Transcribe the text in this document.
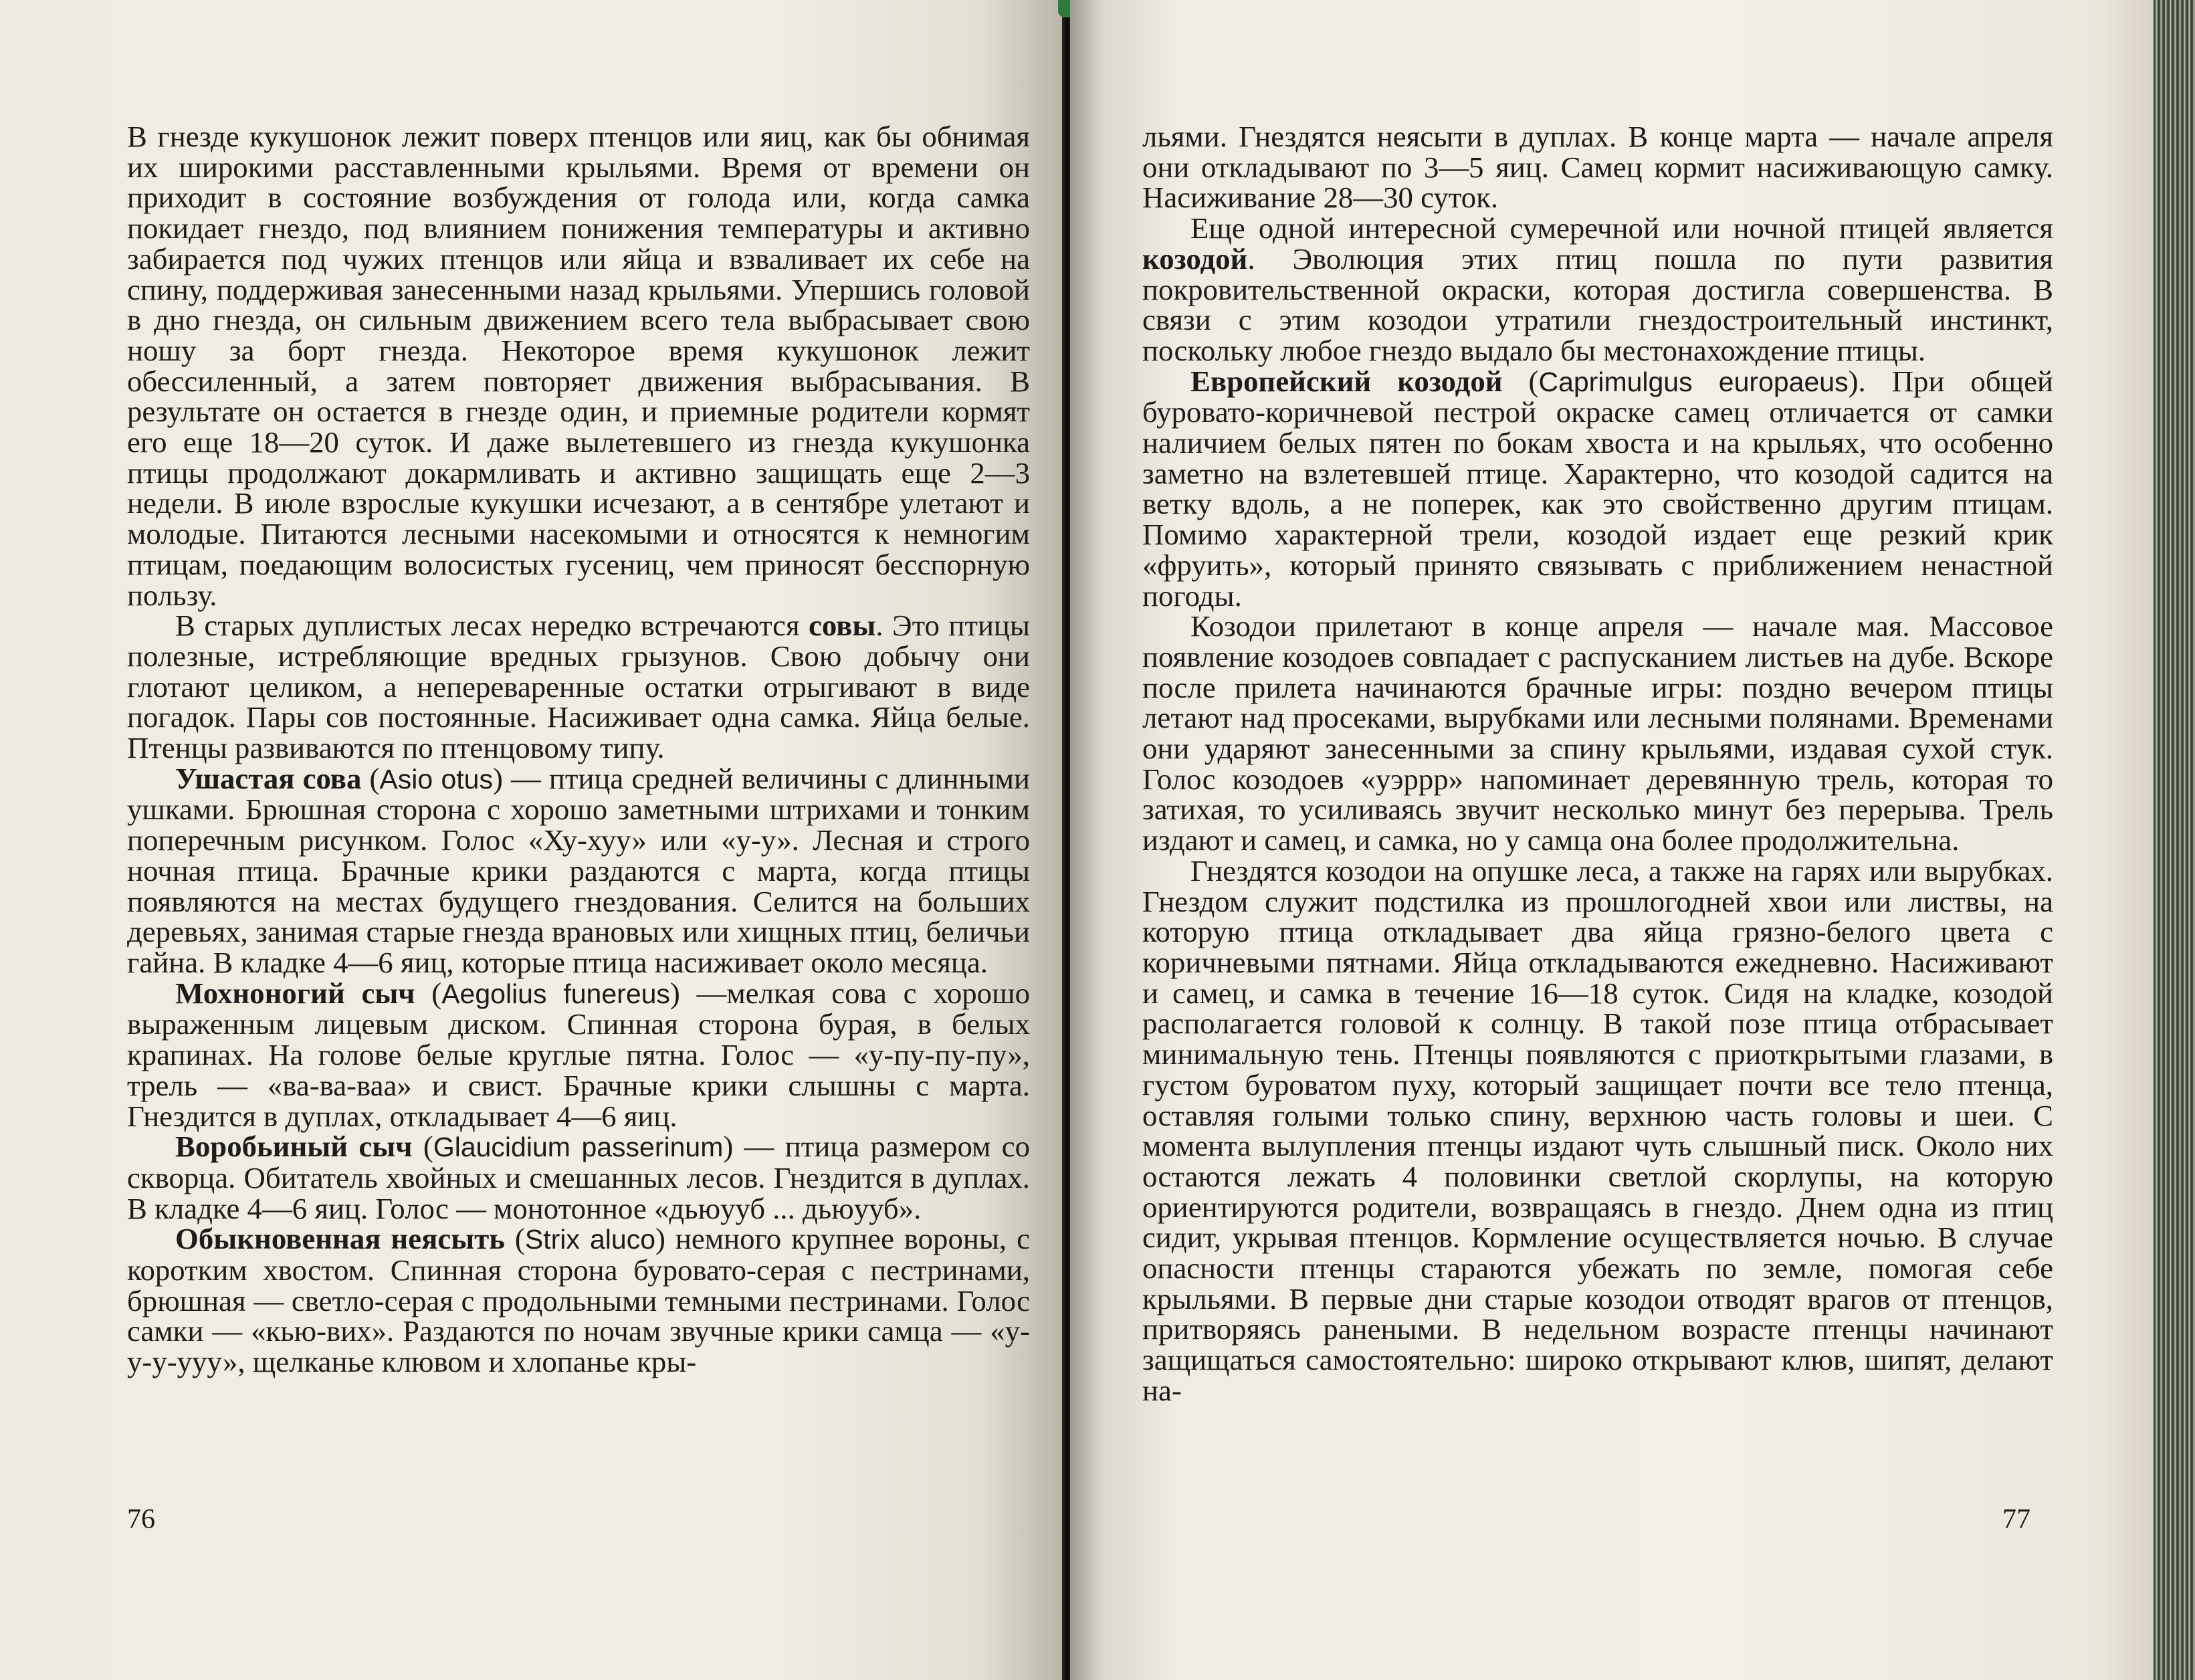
В гнезде кукушонок лежит поверх птенцов или яиц, как бы обнимая их широкими расставленными крыльями. Время от времени он приходит в состояние возбуждения от голода или, когда самка покидает гнездо, под влиянием понижения температуры и активно забирается под чужих птенцов или яйца и взваливает их себе на спину, поддерживая занесенными назад крыльями. Упершись головой в дно гнезда, он сильным движением всего тела выбрасывает свою ношу за борт гнезда. Некоторое время кукушонок лежит обессиленный, а затем повторяет движения выбрасывания. В результате он остается в гнезде один, и приемные родители кормят его еще 18—20 суток. И даже вылетевшего из гнезда кукушонка птицы продолжают докармливать и активно защищать еще 2—3 недели. В июле взрослые кукушки исчезают, а в сентябре улетают и молодые. Питаются лесными насекомыми и относятся к немногим птицам, поедающим волосистых гусениц, чем приносят бесспорную пользу.

В старых дуплистых лесах нередко встречаются совы. Это птицы полезные, истребляющие вредных грызунов. Свою добычу они глотают целиком, а непереваренные остатки отрыгивают в виде погадок. Пары сов постоянные. Насиживает одна самка. Яйца белые. Птенцы развиваются по птенцовому типу.

Ушастая сова (Asio otus) — птица средней величины с длинными ушками. Брюшная сторона с хорошо заметными штрихами и тонким поперечным рисунком. Голос «Ху-хуу» или «у-у». Лесная и строго ночная птица. Брачные крики раздаются с марта, когда птицы появляются на местах будущего гнездования. Селится на больших деревьях, занимая старые гнезда врановых или хищных птиц, беличьи гайна. В кладке 4—6 яиц, которые птица насиживает около месяца.

Мохноногий сыч (Aegolius funereus) —мелкая сова с хорошо выраженным лицевым диском. Спинная сторона бурая, в белых крапинах. На голове белые круглые пятна. Голос — «у-пу-пу-пу», трель — «ва-ва-ваа» и свист. Брачные крики слышны с марта. Гнездится в дуплах, откладывает 4—6 яиц.

Воробьиный сыч (Glaucidium passerinum) — птица размером со скворца. Обитатель хвойных и смешанных лесов. Гнездится в дуплах. В кладке 4—6 яиц. Голос — монотонное «дьюууб ... дьюууб».

Обыкновенная неясыть (Strix aluco) немного крупнее вороны, с коротким хвостом. Спинная сторона буровато-серая с пестринами, брюшная — светло-серая с продольными темными пестринами. Голос самки — «кью-вих». Раздаются по ночам звучные крики самца — «у-у-у-ууу», щелканье клювом и хлопанье кры-

76

льями. Гнездятся неясыти в дуплах. В конце марта — начале апреля они откладывают по 3—5 яиц. Самец кормит насиживающую самку. Насиживание 28—30 суток.

Еще одной интересной сумеречной или ночной птицей является козодой. Эволюция этих птиц пошла по пути развития покровительственной окраски, которая достигла совершенства. В связи с этим козодои утратили гнездостроительный инстинкт, поскольку любое гнездо выдало бы местонахождение птицы.

Европейский козодой (Caprimulgus europaeus). При общей буровато-коричневой пестрой окраске самец отличается от самки наличием белых пятен по бокам хвоста и на крыльях, что особенно заметно на взлетевшей птице. Характерно, что козодой садится на ветку вдоль, а не поперек, как это свойственно другим птицам. Помимо характерной трели, козодой издает еще резкий крик «фруить», который принято связывать с приближением ненастной погоды.

Козодои прилетают в конце апреля — начале мая. Массовое появление козодоев совпадает с распусканием листьев на дубе. Вскоре после прилета начинаются брачные игры: поздно вечером птицы летают над просеками, вырубками или лесными полянами. Временами они ударяют занесенными за спину крыльями, издавая сухой стук. Голос козодоев «уэррр» напоминает деревянную трель, которая то затихая, то усиливаясь звучит несколько минут без перерыва. Трель издают и самец, и самка, но у самца она более продолжительна.

Гнездятся козодои на опушке леса, а также на гарях или вырубках. Гнездом служит подстилка из прошлогодней хвои или листвы, на которую птица откладывает два яйца грязно-белого цвета с коричневыми пятнами. Яйца откладываются ежедневно. Насиживают и самец, и самка в течение 16—18 суток. Сидя на кладке, козодой располагается головой к солнцу. В такой позе птица отбрасывает минимальную тень. Птенцы появляются с приоткрытыми глазами, в густом буроватом пуху, который защищает почти все тело птенца, оставляя голыми только спину, верхнюю часть головы и шеи. С момента вылупления птенцы издают чуть слышный писк. Около них остаются лежать 4 половинки светлой скорлупы, на которую ориентируются родители, возвращаясь в гнездо. Днем одна из птиц сидит, укрывая птенцов. Кормление осуществляется ночью. В случае опасности птенцы стараются убежать по земле, помогая себе крыльями. В первые дни старые козодои отводят врагов от птенцов, притворяясь ранеными. В недельном возрасте птенцы начинают защищаться самостоятельно: широко открывают клюв, шипят, делают на-

77
